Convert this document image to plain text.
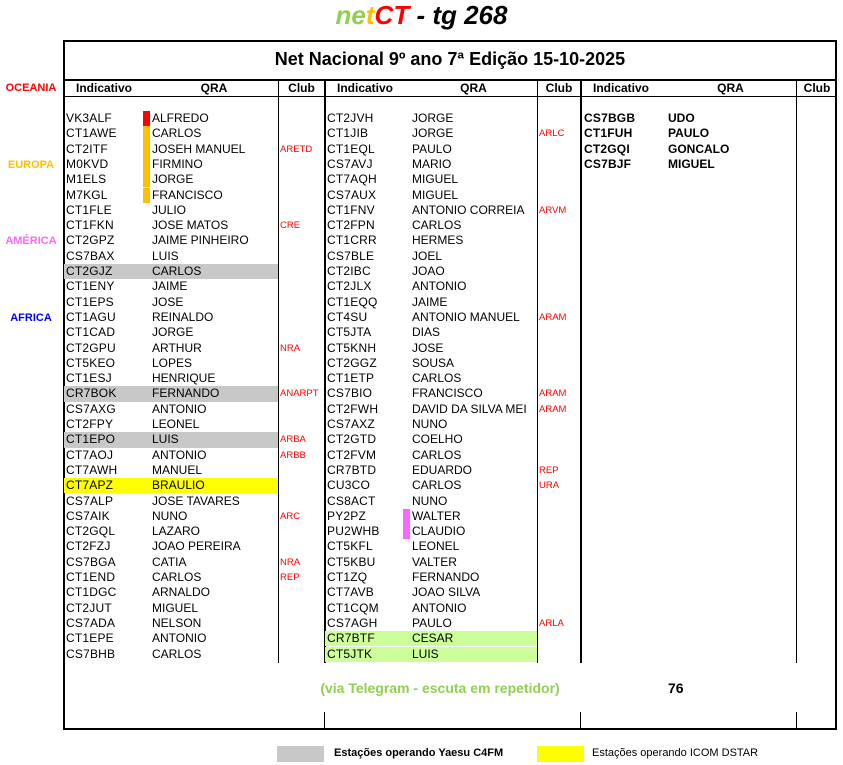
netCT - tg 268
Net Nacional 9º ano 7ª Edição 15-10-2025
Indicativo	QRA	Club	Indicativo	QRA	Club	Indicativo	QRA	Club
OCEANIA
EUROPA
AMÉRICA
AFRICA
VK3ALF	ALFREDO
CT1AWE	CARLOS
CT2ITF	JOSEH MANUEL	ARETD
M0KVD	FIRMINO
M1ELS	JORGE
M7KGL	FRANCISCO
CT1FLE	JULIO
CT1FKN	JOSE MATOS	CRE
CT2GPZ	JAIME PINHEIRO
CS7BAX	LUIS
CT2GJZ	CARLOS
CT1ENY	JAIME
CT1EPS	JOSE
CT1AGU	REINALDO
CT1CAD	JORGE
CT2GPU	ARTHUR	NRA
CT5KEO	LOPES
CT1ESJ	HENRIQUE
CR7BOK	FERNANDO	ANARPT
CS7AXG	ANTONIO
CT2FPY	LEONEL
CT1EPO	LUIS	ARBA
CT7AOJ	ANTONIO	ARBB
CT7AWH	MANUEL
CT7APZ	BRAULIO
CS7ALP	JOSE TAVARES
CS7AIK	NUNO	ARC
CT2GQL	LAZARO
CT2FZJ	JOAO PEREIRA
CS7BGA	CATIA	NRA
CT1END	CARLOS	REP
CT1DGC	ARNALDO
CT2JUT	MIGUEL
CS7ADA	NELSON
CT1EPE	ANTONIO
CS7BHB	CARLOS
CT2JVH	JORGE
CT1JIB	JORGE	ARLC
CT1EQL	PAULO
CS7AVJ	MARIO
CT7AQH	MIGUEL
CS7AUX	MIGUEL
CT1FNV	ANTONIO CORREIA	ARVM
CT2FPN	CARLOS
CT1CRR	HERMES
CS7BLE	JOEL
CT2IBC	JOAO
CT2JLX	ANTONIO
CT1EQQ	JAIME
CT4SU	ANTONIO MANUEL	ARAM
CT5JTA	DIAS
CT5KNH	JOSE
CT2GGZ	SOUSA
CT1ETP	CARLOS
CS7BIO	FRANCISCO	ARAM
CT2FWH	DAVID DA SILVA MEI	ARAM
CS7AXZ	NUNO
CT2GTD	COELHO
CT2FVM	CARLOS
CR7BTD	EDUARDO	REP
CU3CO	CARLOS	URA
CS8ACT	NUNO
PY2PZ	WALTER
PU2WHB	CLAUDIO
CT5KFL	LEONEL
CT5KBU	VALTER
CT1ZQ	FERNANDO
CT7AVB	JOAO SILVA
CT1CQM	ANTONIO
CS7AGH	PAULO	ARLA
CR7BTF	CESAR
CT5JTK	LUIS
CS7BGB	UDO
CT1FUH	PAULO
CT2GQI	GONCALO
CS7BJF	MIGUEL
(via Telegram - escuta em repetidor)	76
Estações operando Yaesu C4FM	Estações operando ICOM DSTAR
